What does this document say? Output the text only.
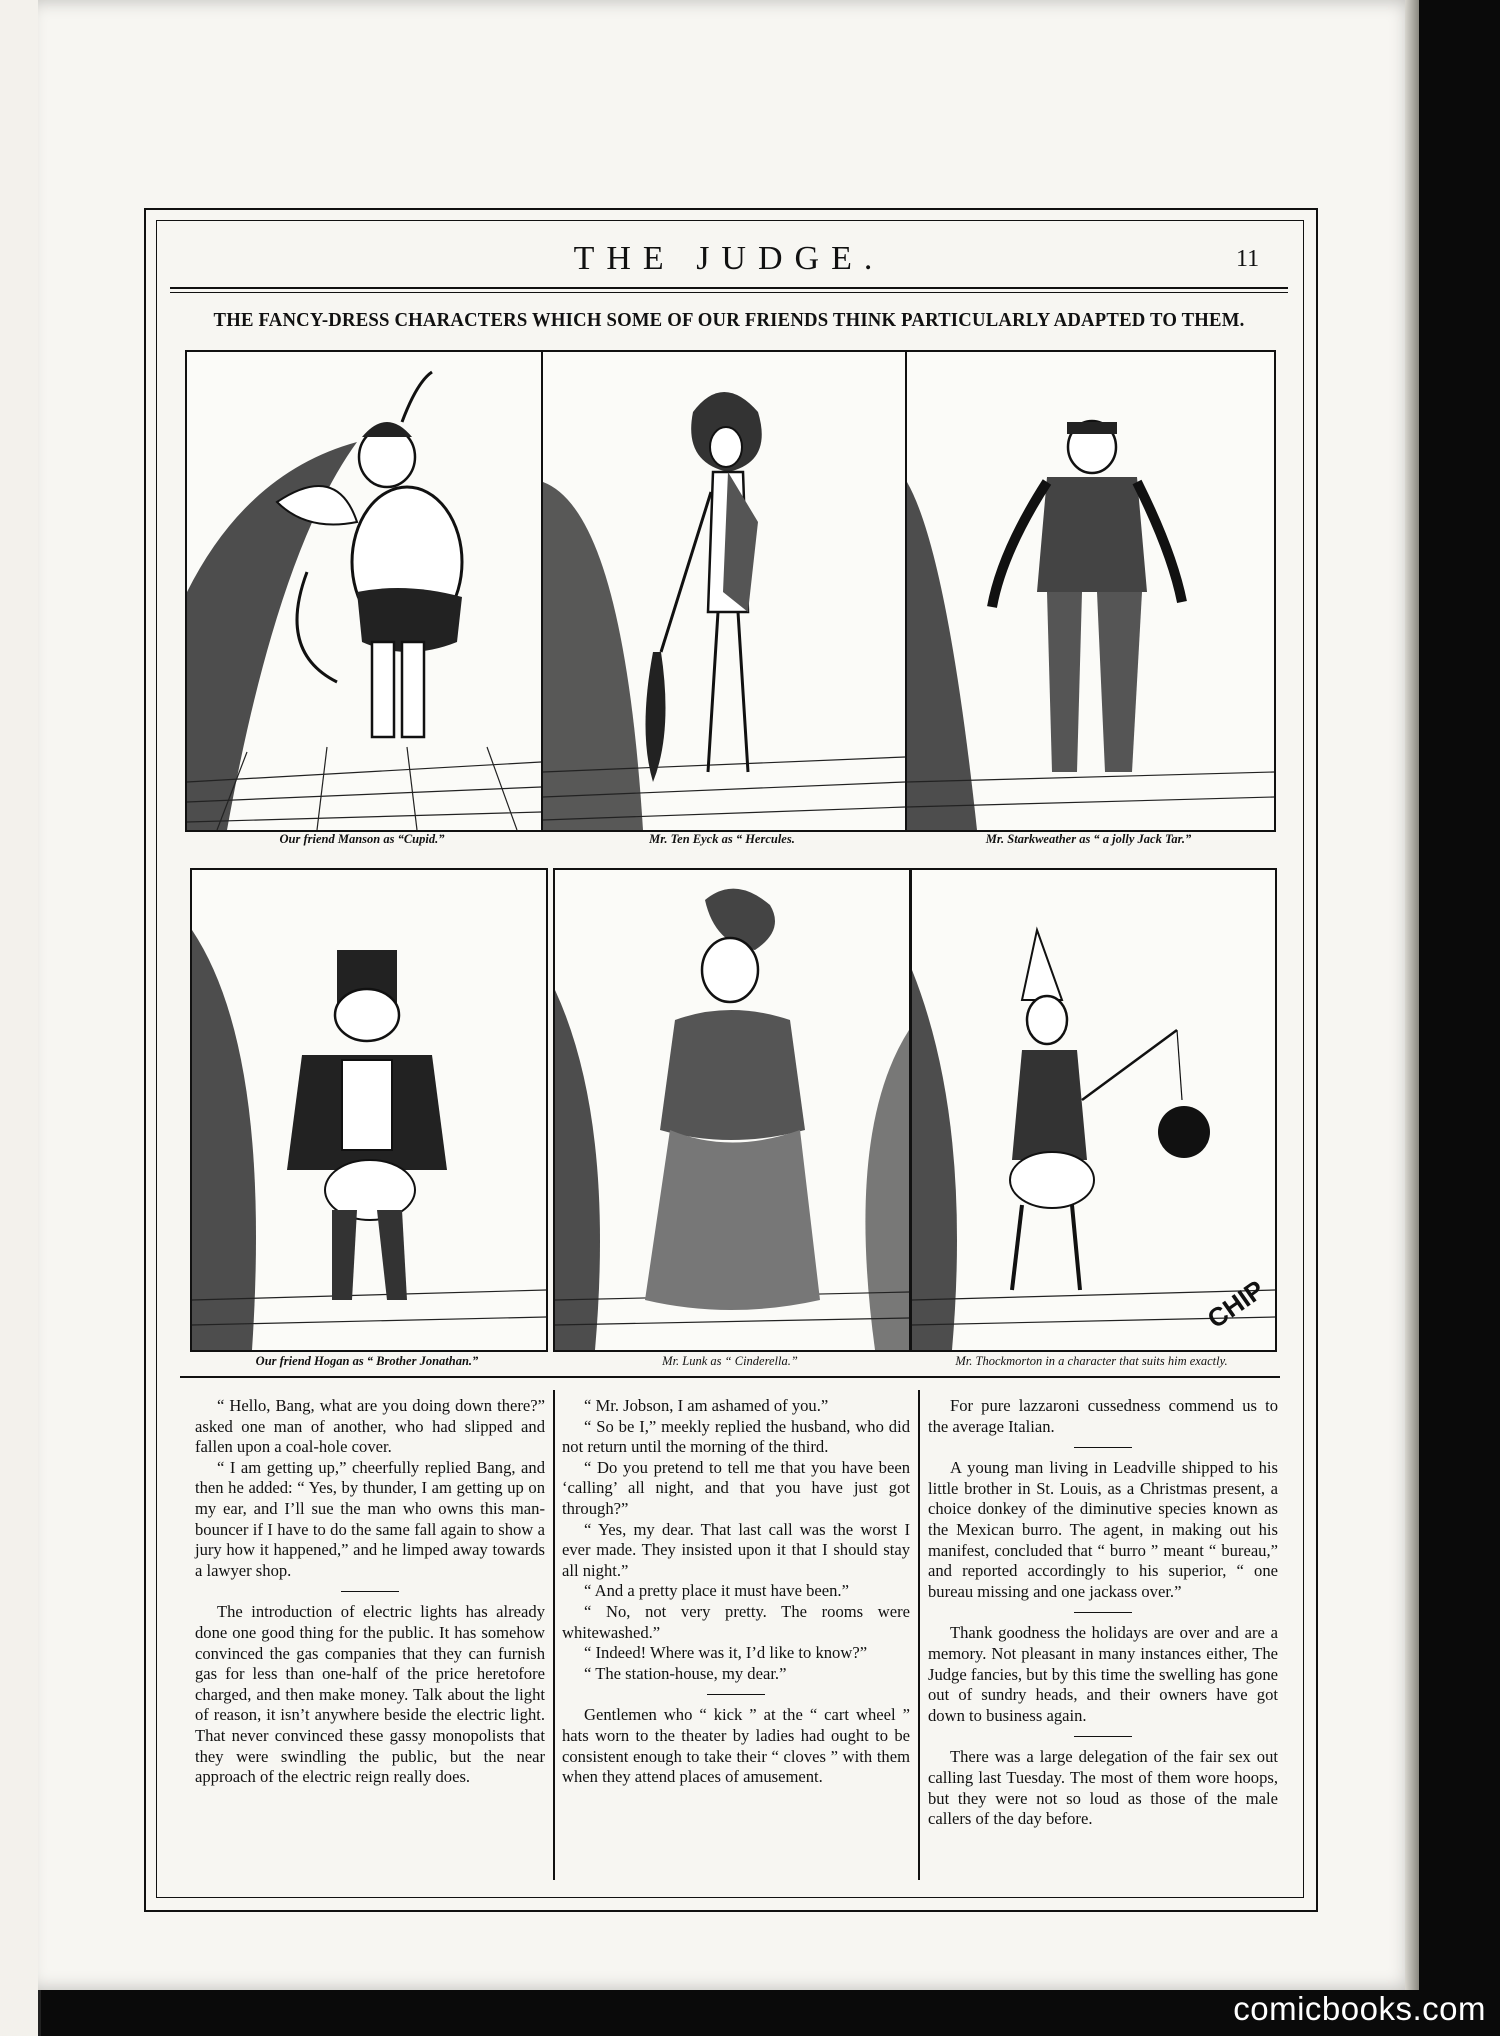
THE JUDGE.	11
THE FANCY-DRESS CHARACTERS WHICH SOME OF OUR FRIENDS THINK PARTICULARLY ADAPTED TO THEM.
Our friend Manson as “Cupid.”	Mr. Ten Eyck as “ Hercules.	Mr. Starkweather as “ a jolly Jack Tar.”
CHIP
Our friend Hogan as “ Brother Jonathan.”	Mr. Lunk as “ Cinderella.”	Mr. Thockmorton in a character that suits him exactly.

“ Hello, Bang, what are you doing down there?” asked one man of another, who had slipped and fallen upon a coal-hole cover.

“ I am getting up,” cheerfully replied Bang, and then he added: “ Yes, by thunder, I am getting up on my ear, and I’ll sue the man who owns this man-bouncer if I have to do the same fall again to show a jury how it happened,” and he limped away towards a lawyer shop.

The introduction of electric lights has already done one good thing for the public. It has somehow convinced the gas companies that they can furnish gas for less than one-half of the price heretofore charged, and then make money. Talk about the light of reason, it isn’t anywhere beside the electric light. That never convinced these gassy monopolists that they were swindling the public, but the near approach of the electric reign really does.

“ Mr. Jobson, I am ashamed of you.”

“ So be I,” meekly replied the husband, who did not return until the morning of the third.

“ Do you pretend to tell me that you have been ‘calling’ all night, and that you have just got through?”

“ Yes, my dear. That last call was the worst I ever made. They insisted upon it that I should stay all night.”

“ And a pretty place it must have been.”

“ No, not very pretty. The rooms were whitewashed.”

“ Indeed! Where was it, I’d like to know?”

“ The station-house, my dear.”

Gentlemen who “ kick ” at the “ cart wheel ” hats worn to the theater by ladies had ought to be consistent enough to take their “ cloves ” with them when they attend places of amusement.

For pure lazzaroni cussedness commend us to the average Italian.

A young man living in Leadville shipped to his little brother in St. Louis, as a Christmas present, a choice donkey of the diminutive species known as the Mexican burro. The agent, in making out his manifest, concluded that “ burro ” meant “ bureau,” and reported accordingly to his superior, “ one bureau missing and one jackass over.”

Thank goodness the holidays are over and are a memory. Not pleasant in many instances either, The Judge fancies, but by this time the swelling has gone out of sundry heads, and their owners have got down to business again.

There was a large delegation of the fair sex out calling last Tuesday. The most of them wore hoops, but they were not so loud as those of the male callers of the day before.

comicbooks.com
